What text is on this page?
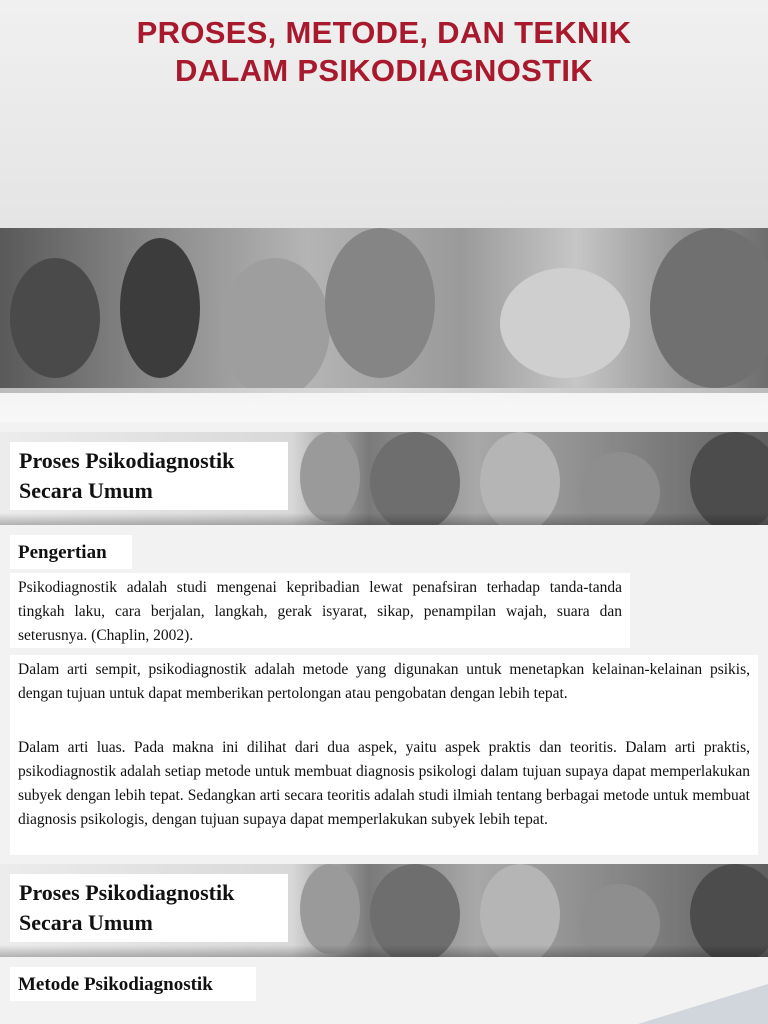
PROSES, METODE, DAN TEKNIK
DALAM PSIKODIAGNOSTIK
Proses Psikodiagnostik
Secara Umum
Pengertian
Psikodiagnostik adalah studi mengenai kepribadian lewat penafsiran terhadap tanda-tanda tingkah laku, cara berjalan, langkah, gerak isyarat, sikap, penampilan wajah, suara dan seterusnya. (Chaplin, 2002).
Dalam arti sempit, psikodiagnostik adalah metode yang digunakan untuk menetapkan kelainan-kelainan psikis, dengan tujuan untuk dapat memberikan pertolongan atau pengobatan dengan lebih tepat.
Dalam arti luas. Pada makna ini dilihat dari dua aspek, yaitu aspek praktis dan teoritis. Dalam arti praktis, psikodiagnostik adalah setiap metode untuk membuat diagnosis psikologi dalam tujuan supaya dapat memperlakukan subyek dengan lebih tepat. Sedangkan arti secara teoritis adalah studi ilmiah tentang berbagai metode untuk membuat diagnosis psikologis, dengan tujuan supaya dapat memperlakukan subyek lebih tepat.
Proses Psikodiagnostik
Secara Umum
Metode Psikodiagnostik
